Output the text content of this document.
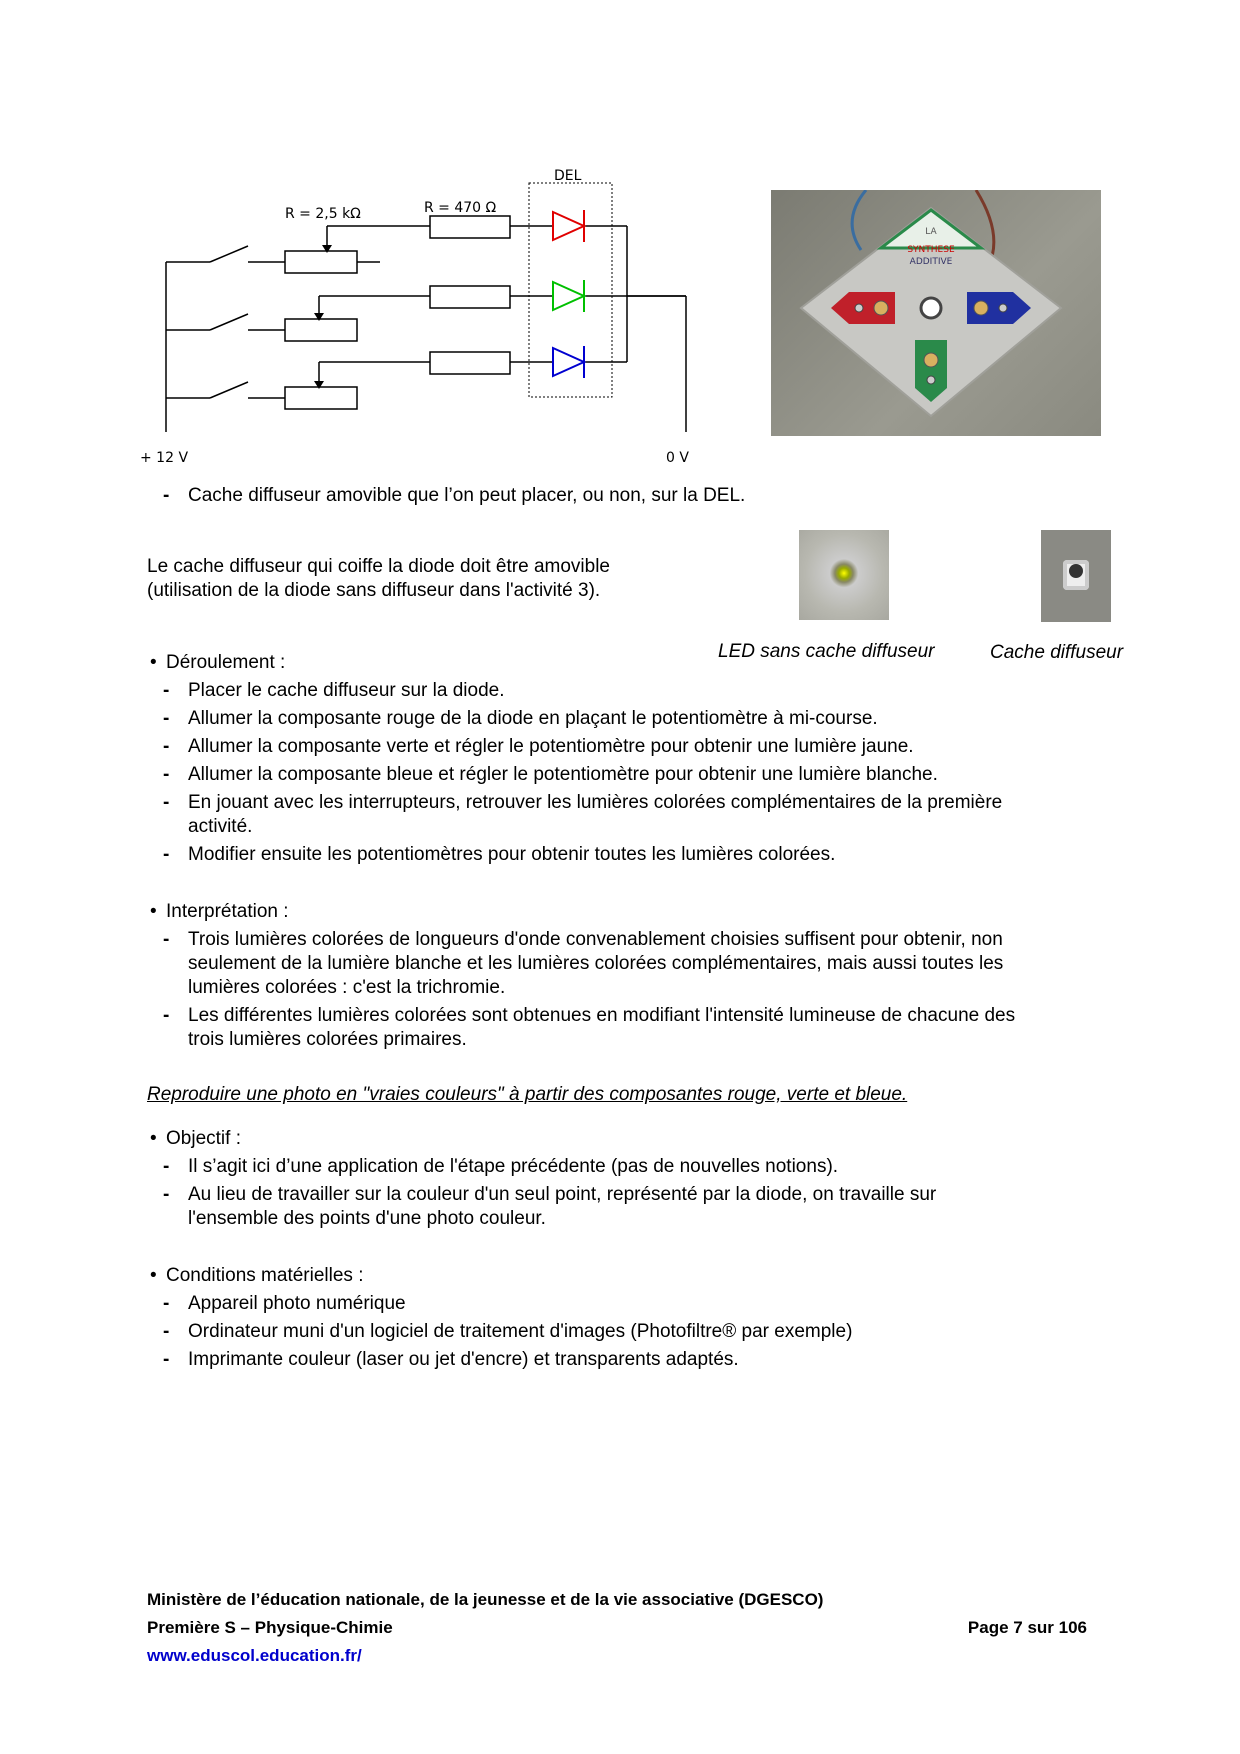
DEL
R = 2,5 kΩ	R = 470 Ω
+ 12 V	0 V
LA
SYNTHESE
ADDITIVE
- Cache diffuseur amovible que l’on peut placer, ou non, sur la DEL.
Le cache diffuseur qui coiffe la diode doit être amovible
(utilisation de la diode sans diffuseur dans l'activité 3).
LED sans cache diffuseur	Cache diffuseur
• Déroulement :
- Placer le cache diffuseur sur la diode.
- Allumer la composante rouge de la diode en plaçant le potentiomètre à mi-course.
- Allumer la composante verte et régler le potentiomètre pour obtenir une lumière jaune.
- Allumer la composante bleue et régler le potentiomètre pour obtenir une lumière blanche.
- En jouant avec les interrupteurs, retrouver les lumières colorées complémentaires de la première activité.
- Modifier ensuite les potentiomètres pour obtenir toutes les lumières colorées.
• Interprétation :
- Trois lumières colorées de longueurs d'onde convenablement choisies suffisent pour obtenir, non seulement de la lumière blanche et les lumières colorées complémentaires, mais aussi toutes les lumières colorées : c'est la trichromie.
- Les différentes lumières colorées sont obtenues en modifiant l'intensité lumineuse de chacune des trois lumières colorées primaires.
Reproduire une photo en "vraies couleurs" à partir des composantes rouge, verte et bleue.
• Objectif :
- Il s’agit ici d’une application de l'étape précédente (pas de nouvelles notions).
- Au lieu de travailler sur la couleur d'un seul point, représenté par la diode, on travaille sur l'ensemble des points d'une photo couleur.
• Conditions matérielles :
- Appareil photo numérique
- Ordinateur muni d'un logiciel de traitement d'images (Photofiltre® par exemple)
- Imprimante couleur (laser ou jet d'encre) et transparents adaptés.
Ministère de l’éducation nationale, de la jeunesse et de la vie associative (DGESCO)
Première S – Physique-Chimie	Page 7 sur 106
www.eduscol.education.fr/
